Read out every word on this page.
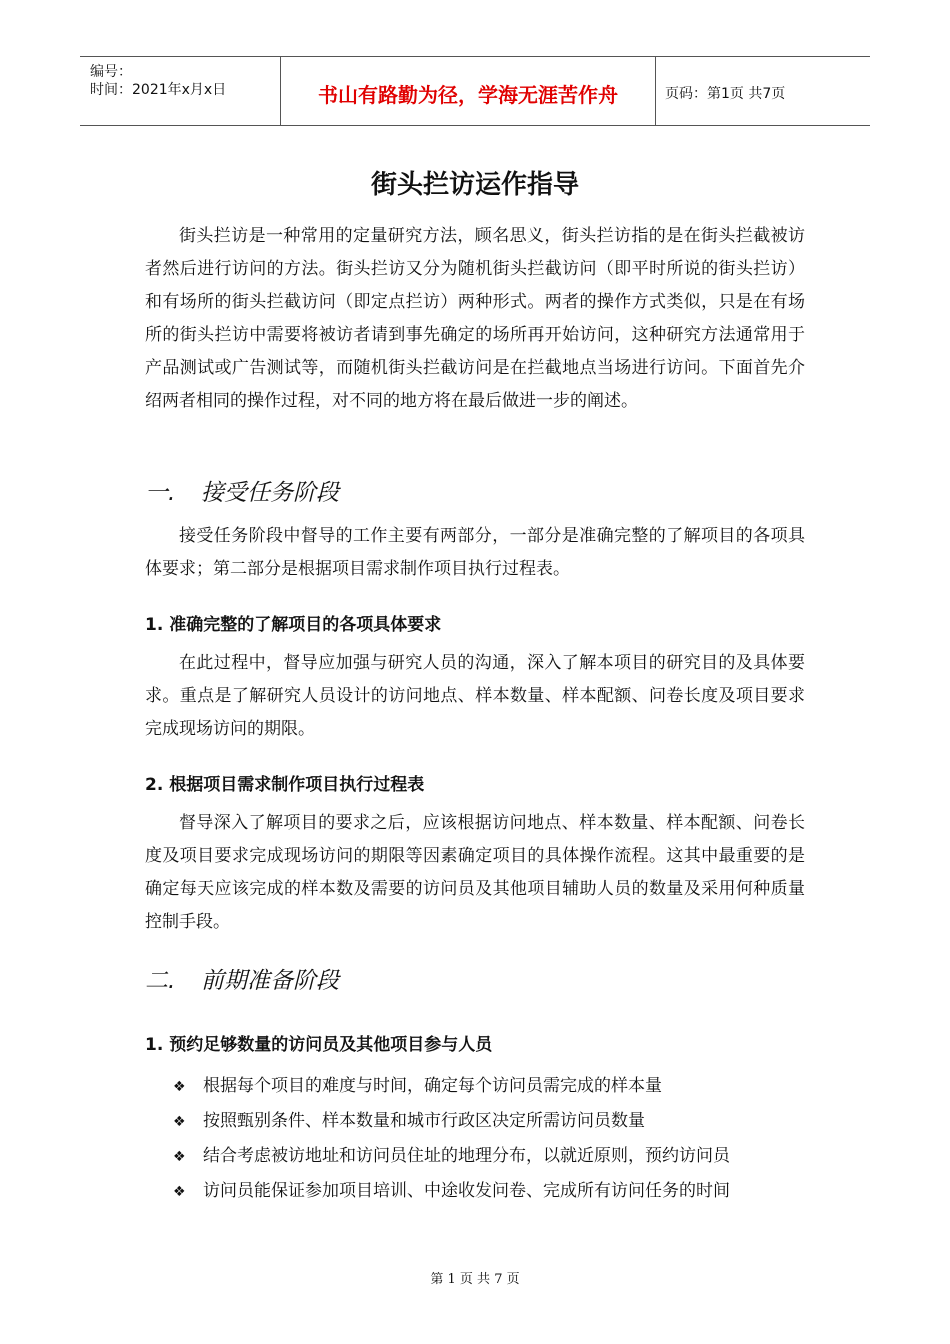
编号：
时间：2021年x月x日	书山有路勤为径，学海无涯苦作舟	页码：第1页 共7页
街头拦访运作指导

街头拦访是一种常用的定量研究方法，顾名思义，街头拦访指的是在街头拦截被访者然后进行访问的方法。街头拦访又分为随机街头拦截访问（即平时所说的街头拦访）和有场所的街头拦截访问（即定点拦访）两种形式。两者的操作方式类似，只是在有场所的街头拦访中需要将被访者请到事先确定的场所再开始访问，这种研究方法通常用于产品测试或广告测试等，而随机街头拦截访问是在拦截地点当场进行访问。下面首先介绍两者相同的操作过程，对不同的地方将在最后做进一步的阐述。

一. 接受任务阶段

接受任务阶段中督导的工作主要有两部分，一部分是准确完整的了解项目的各项具体要求；第二部分是根据项目需求制作项目执行过程表。

1. 准确完整的了解项目的各项具体要求

在此过程中，督导应加强与研究人员的沟通，深入了解本项目的研究目的及具体要求。重点是了解研究人员设计的访问地点、样本数量、样本配额、问卷长度及项目要求完成现场访问的期限。

2. 根据项目需求制作项目执行过程表

督导深入了解项目的要求之后，应该根据访问地点、样本数量、样本配额、问卷长度及项目要求完成现场访问的期限等因素确定项目的具体操作流程。这其中最重要的是确定每天应该完成的样本数及需要的访问员及其他项目辅助人员的数量及采用何种质量控制手段。

二. 前期准备阶段
1. 预约足够数量的访问员及其他项目参与人员
❖ 根据每个项目的难度与时间，确定每个访问员需完成的样本量
❖ 按照甄别条件、样本数量和城市行政区决定所需访问员数量
❖ 结合考虑被访地址和访问员住址的地理分布，以就近原则，预约访问员
❖ 访问员能保证参加项目培训、中途收发问卷、完成所有访问任务的时间
第 1 页 共 7 页
